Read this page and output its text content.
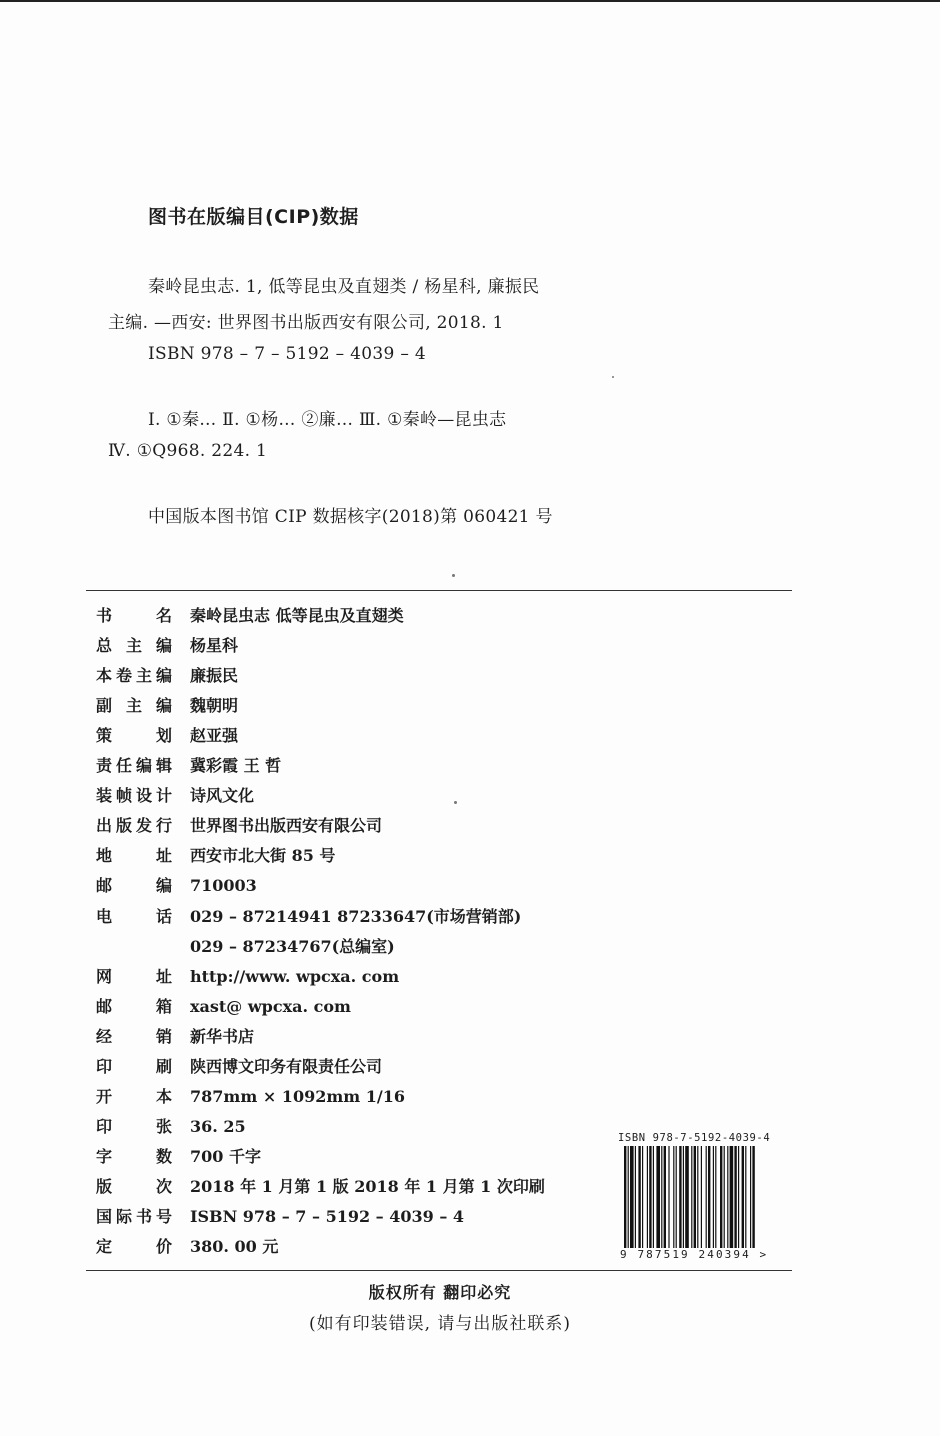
图书在版编目(CIP)数据
秦岭昆虫志. 1, 低等昆虫及直翅类 / 杨星科, 廉振民
主编. —西安: 世界图书出版西安有限公司, 2018. 1
ISBN 978 – 7 – 5192 – 4039 – 4
Ⅰ. ①秦… Ⅱ. ①杨… ②廉… Ⅲ. ①秦岭—昆虫志
Ⅳ. ①Q968. 224. 1
中国版本图书馆 CIP 数据核字(2018)第 060421 号
书名 秦岭昆虫志 低等昆虫及直翅类
总主编 杨星科
本卷主编 廉振民
副主编 魏朝明
策划 赵亚强
责任编辑 冀彩霞 王 哲
装帧设计 诗风文化
出版发行 世界图书出版西安有限公司
地址 西安市北大街 85 号
邮编 710003
电话 029 – 87214941 87233647(市场营销部)
029 – 87234767(总编室)
网址 http://www. wpcxa. com
邮箱 xast@ wpcxa. com
经销 新华书店
印刷 陕西博文印务有限责任公司
开本 787mm × 1092mm 1/16
印张 36. 25
字数 700 千字
版次 2018 年 1 月第 1 版 2018 年 1 月第 1 次印刷
国际书号 ISBN 978 – 7 – 5192 – 4039 – 4
定价 380. 00 元
ISBN 978-7-5192-4039-4
9 787519 240394 >
版权所有 翻印必究
(如有印装错误, 请与出版社联系)
